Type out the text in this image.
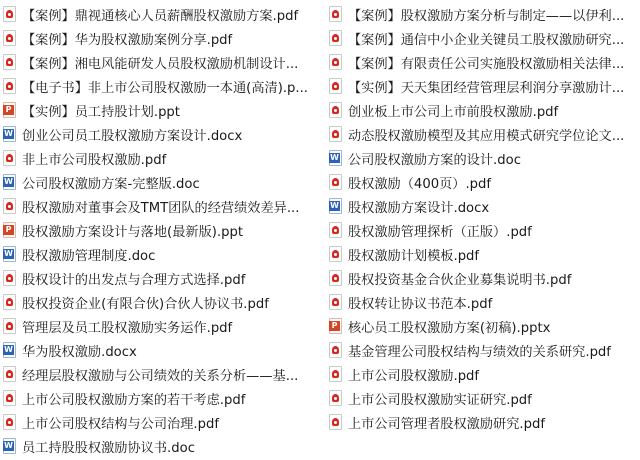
【案例】鼎视通核心人员薪酬股权激励方案.pdf
【案例】华为股权激励案例分享.pdf
【案例】湘电风能研发人员股权激励机制设计...
【电子书】非上市公司股权激励一本通(高清).p...
P
【实例】员工持股计划.ppt
W
创业公司员工股权激励方案设计.docx
非上市公司股权激励.pdf
W
公司股权激励方案-完整版.doc
股权激励对董事会及TMT团队的经营绩效差异...
P
股权激励方案设计与落地(最新版).ppt
W
股权激励管理制度.doc
股权设计的出发点与合理方式选择.pdf
股权投资企业(有限合伙)合伙人协议书.pdf
管理层及员工股权激励实务运作.pdf
W
华为股权激励.docx
经理层股权激励与公司绩效的关系分析——基...
上市公司股权激励方案的若干考虑.pdf
上市公司股权结构与公司治理.pdf
W
员工持股股权激励协议书.doc
【案例】股权激励方案分析与制定——以伊利...
【案例】通信中小企业关键员工股权激励研究...
【案例】有限责任公司实施股权激励相关法律...
【实例】天天集团经营管理层利润分享激励计...
创业板上市公司上市前股权激励.pdf
动态股权激励模型及其应用模式研究学位论文...
W
公司股权激励方案的设计.doc
股权激励（400页）.pdf
W
股权激励方案设计.docx
股权激励管理探析（正版）.pdf
股权激励计划模板.pdf
股权投资基金合伙企业募集说明书.pdf
股权转让协议书范本.pdf
P
核心员工股权激励方案(初稿).pptx
基金管理公司股权结构与绩效的关系研究.pdf
上市公司股权激励.pdf
上市公司股权激励实证研究.pdf
上市公司管理者股权激励研究.pdf
